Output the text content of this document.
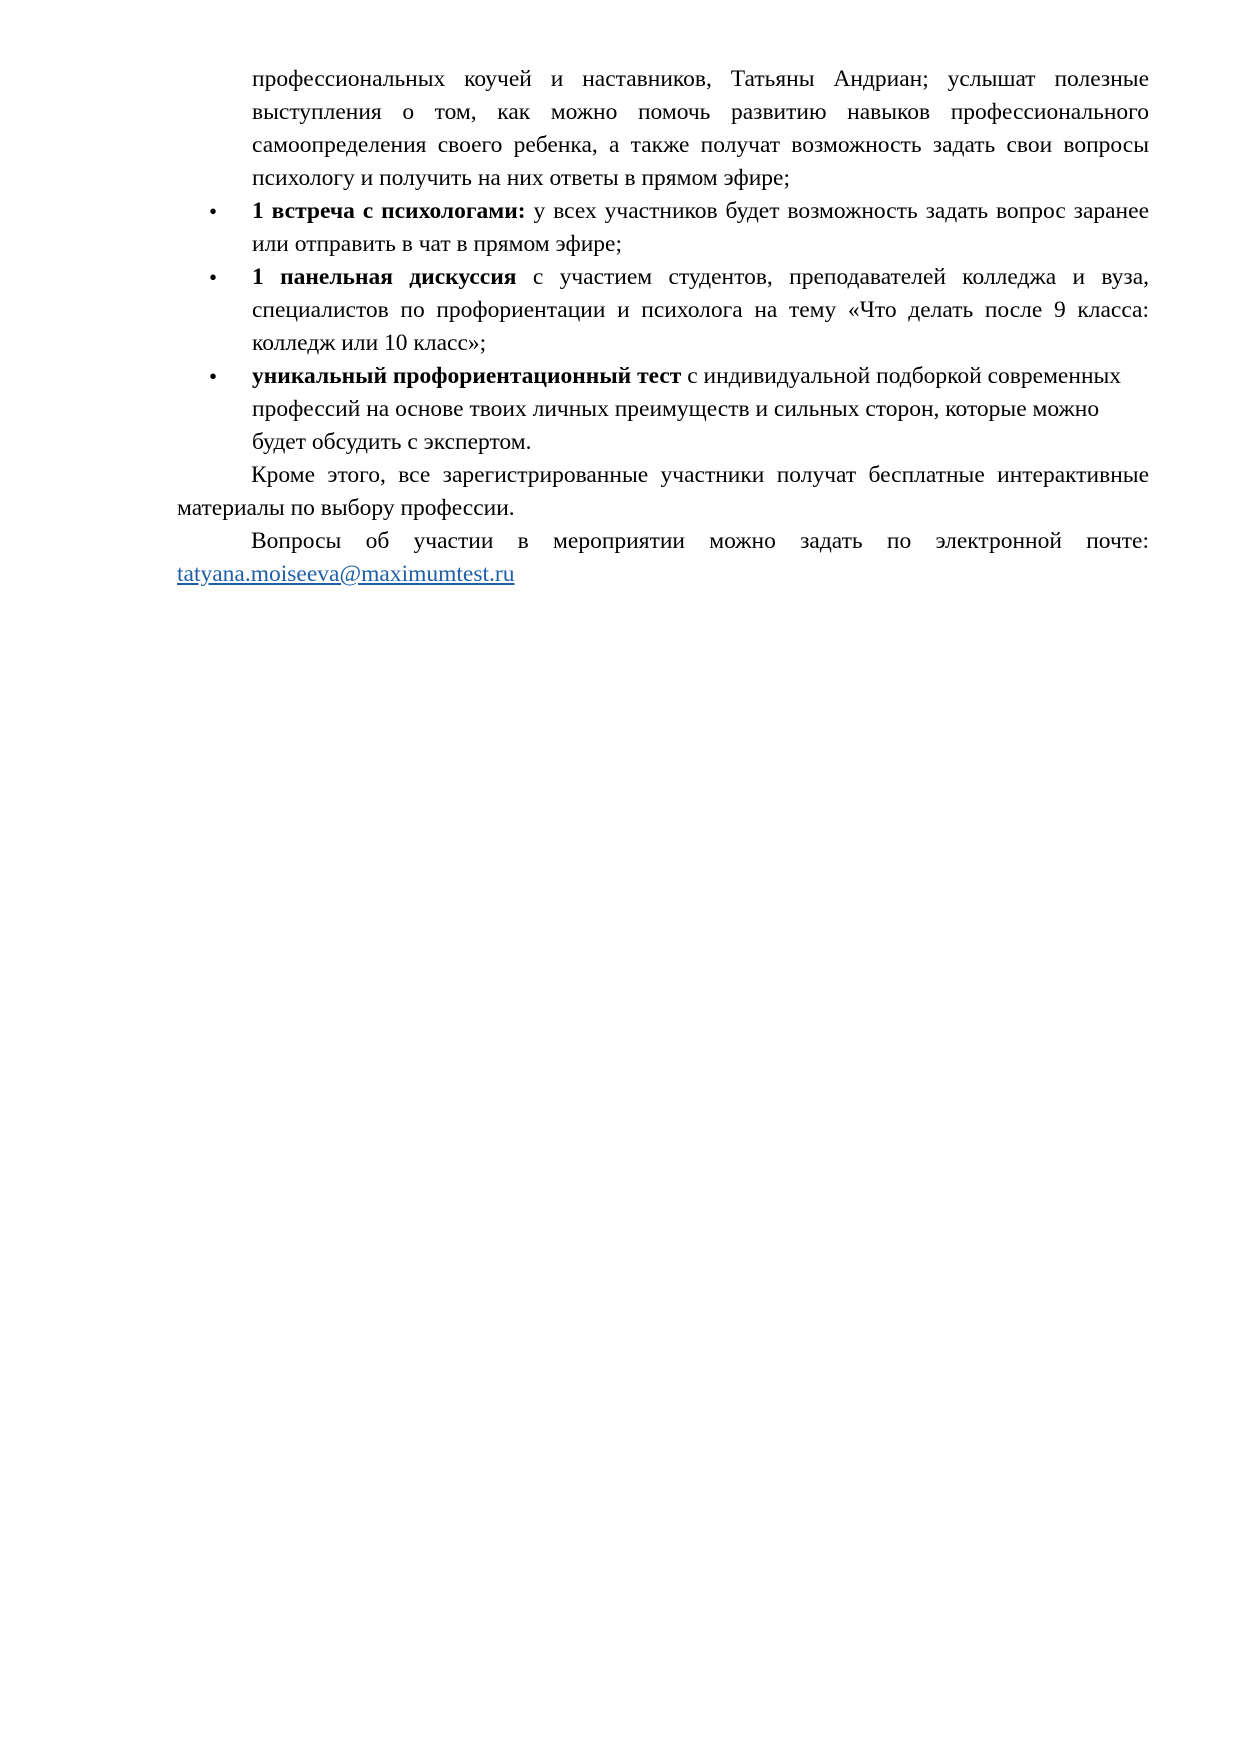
профессиональных коучей и наставников, Татьяны Андриан; услышат полезные выступления о том, как можно помочь развитию навыков профессионального самоопределения своего ребенка, а также получат возможность задать свои вопросы психологу и получить на них ответы в прямом эфире;

• 1 встреча с психологами: у всех участников будет возможность задать вопрос заранее или отправить в чат в прямом эфире;
• 1 панельная дискуссия с участием студентов, преподавателей колледжа и вуза, специалистов по профориентации и психолога на тему «Что делать после 9 класса: колледж или 10 класс»;
• уникальный профориентационный тест с индивидуальной подборкой современных профессий на основе твоих личных преимуществ и сильных сторон, которые можно будет обсудить с экспертом.

Кроме этого, все зарегистрированные участники получат бесплатные интерактивные материалы по выбору профессии.

Вопросы об участии в мероприятии можно задать по электронной почте: tatyana.moiseeva@maximumtest.ru
